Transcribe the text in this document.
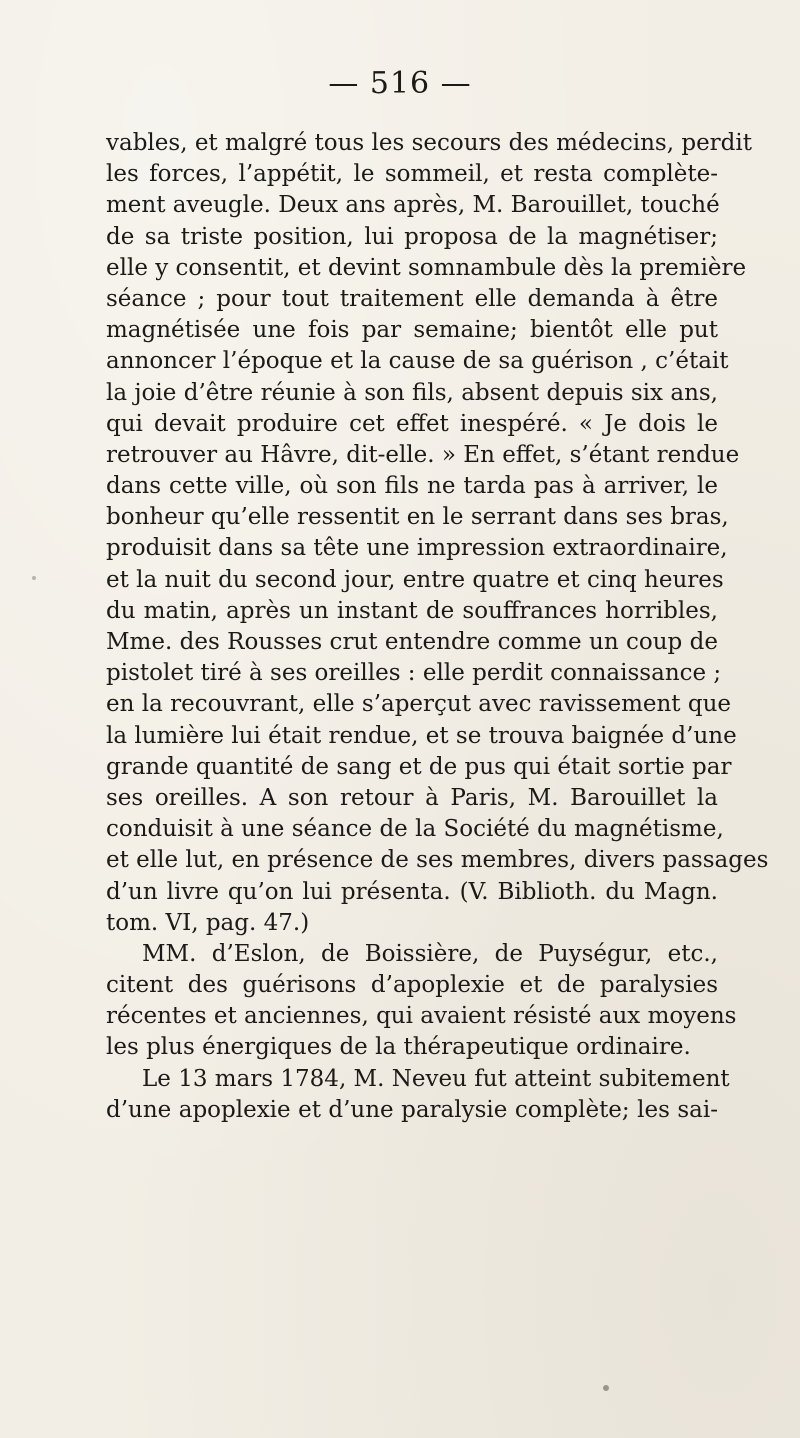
— 516 —
vables, et malgré tous les secours des médecins, perdit
les forces, l’appétit, le sommeil, et resta complète-
ment aveugle. Deux ans après, M. Barouillet, touché
de sa triste position, lui proposa de la magnétiser;
elle y consentit, et devint somnambule dès la première
séance ; pour tout traitement elle demanda à être
magnétisée une fois par semaine; bientôt elle put
annoncer l’époque et la cause de sa guérison , c’était
la joie d’être réunie à son fils, absent depuis six ans,
qui devait produire cet effet inespéré. « Je dois le
retrouver au Hâvre, dit-elle. » En effet, s’étant rendue
dans cette ville, où son fils ne tarda pas à arriver, le
bonheur qu’elle ressentit en le serrant dans ses bras,
produisit dans sa tête une impression extraordinaire,
et la nuit du second jour, entre quatre et cinq heures
du matin, après un instant de souffrances horribles,
Mme. des Rousses crut entendre comme un coup de
pistolet tiré à ses oreilles : elle perdit connaissance ;
en la recouvrant, elle s’aperçut avec ravissement que
la lumière lui était rendue, et se trouva baignée d’une
grande quantité de sang et de pus qui était sortie par
ses oreilles. A son retour à Paris, M. Barouillet la
conduisit à une séance de la Société du magnétisme,
et elle lut, en présence de ses membres, divers passages
d’un livre qu’on lui présenta. (V. Biblioth. du Magn.
tom. VI, pag. 47.)
MM. d’Eslon, de Boissière, de Puységur, etc.,
citent des guérisons d’apoplexie et de paralysies
récentes et anciennes, qui avaient résisté aux moyens
les plus énergiques de la thérapeutique ordinaire.
Le 13 mars 1784, M. Neveu fut atteint subitement
d’une apoplexie et d’une paralysie complète; les sai-
